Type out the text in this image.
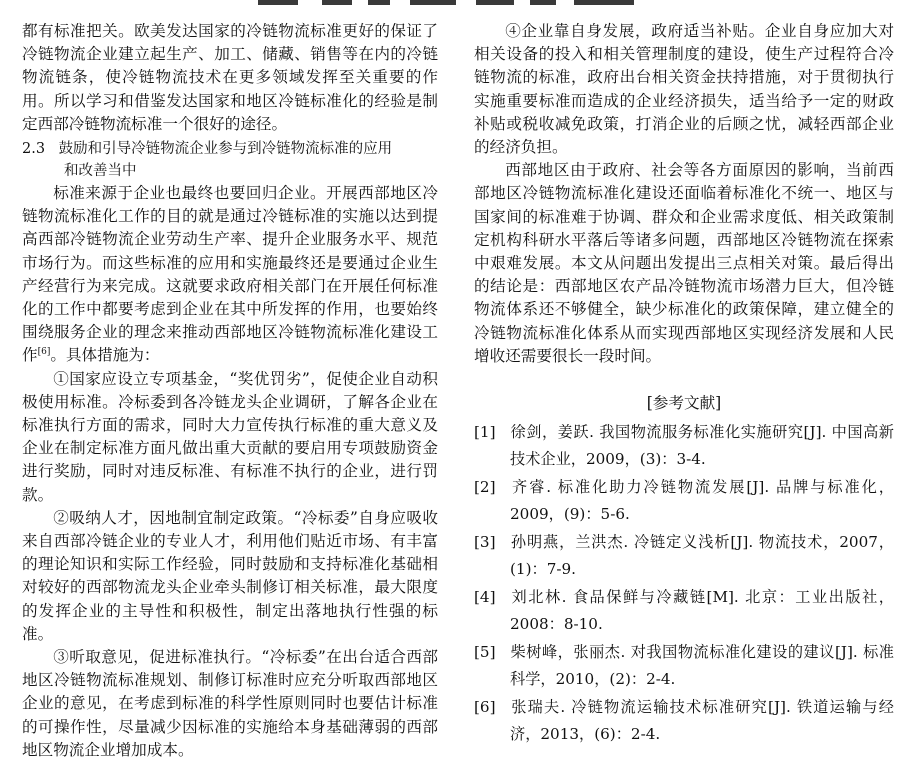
都有标准把关。欧美发达国家的冷链物流标准更好的保证了冷链物流企业建立起生产、加工、储藏、销售等在内的冷链物流链条，使冷链物流技术在更多领域发挥至关重要的作用。所以学习和借鉴发达国家和地区冷链标准化的经验是制定西部冷链物流标准一个很好的途径。

2.3 鼓励和引导冷链物流企业参与到冷链物流标准的应用
和改善当中

标准来源于企业也最终也要回归企业。开展西部地区冷链物流标准化工作的目的就是通过冷链标准的实施以达到提高西部冷链物流企业劳动生产率、提升企业服务水平、规范市场行为。而这些标准的应用和实施最终还是要通过企业生产经营行为来完成。这就要求政府相关部门在开展任何标准化的工作中都要考虑到企业在其中所发挥的作用，也要始终围绕服务企业的理念来推动西部地区冷链物流标准化建设工作[6]。具体措施为：

①国家应设立专项基金，“奖优罚劣”，促使企业自动积极使用标准。冷标委到各冷链龙头企业调研，了解各企业在标准执行方面的需求，同时大力宣传执行标准的重大意义及企业在制定标准方面凡做出重大贡献的要启用专项鼓励资金进行奖励，同时对违反标准、有标准不执行的企业，进行罚款。

②吸纳人才，因地制宜制定政策。“冷标委”自身应吸收来自西部冷链企业的专业人才，利用他们贴近市场、有丰富的理论知识和实际工作经验，同时鼓励和支持标准化基础相对较好的西部物流龙头企业牵头制修订相关标准，最大限度的发挥企业的主导性和积极性，制定出落地执行性强的标准。

③听取意见，促进标准执行。“冷标委”在出台适合西部地区冷链物流标准规划、制修订标准时应充分听取西部地区企业的意见，在考虑到标准的科学性原则同时也要估计标准的可操作性，尽量减少因标准的实施给本身基础薄弱的西部地区物流企业增加成本。

④企业靠自身发展，政府适当补贴。企业自身应加大对相关设备的投入和相关管理制度的建设，使生产过程符合冷链物流的标准，政府出台相关资金扶持措施，对于贯彻执行实施重要标准而造成的企业经济损失，适当给予一定的财政补贴或税收减免政策，打消企业的后顾之忧，减轻西部企业的经济负担。

西部地区由于政府、社会等各方面原因的影响，当前西部地区冷链物流标准化建设还面临着标准化不统一、地区与国家间的标准难于协调、群众和企业需求度低、相关政策制定机构科研水平落后等诸多问题，西部地区冷链物流在探索中艰难发展。本文从问题出发提出三点相关对策。最后得出的结论是：西部地区农产品冷链物流市场潜力巨大，但冷链物流体系还不够健全，缺少标准化的政策保障，建立健全的冷链物流标准化体系从而实现西部地区实现经济发展和人民增收还需要很长一段时间。

[参考文献]
[1] 徐剑，姜跃. 我国物流服务标准化实施研究[J]. 中国高新技术企业，2009，(3)：3-4.
[2] 齐睿. 标准化助力冷链物流发展[J]. 品牌与标准化，2009，(9)：5-6.
[3] 孙明燕，兰洪杰. 冷链定义浅析[J]. 物流技术，2007，(1)：7-9.
[4] 刘北林. 食品保鲜与冷藏链[M]. 北京：工业出版社，2008：8-10.
[5] 柴树峰，张丽杰. 对我国物流标准化建设的建议[J]. 标准科学，2010，(2)：2-4.
[6] 张瑞夫. 冷链物流运输技术标准研究[J]. 铁道运输与经济，2013，(6)：2-4.
